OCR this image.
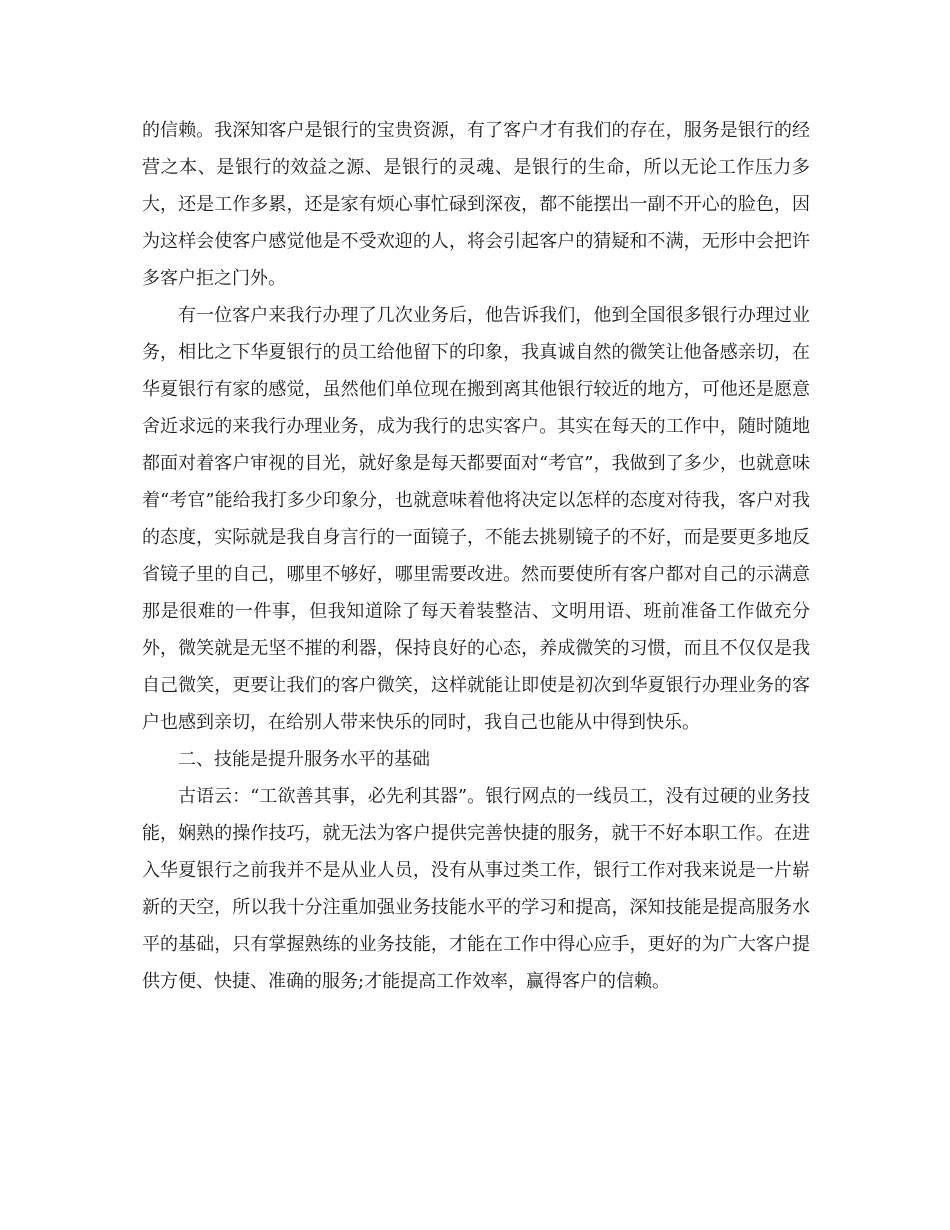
的信赖。我深知客户是银行的宝贵资源，有了客户才有我们的存在，服务是银行的经营之本、是银行的效益之源、是银行的灵魂、是银行的生命，所以无论工作压力多大，还是工作多累，还是家有烦心事忙碌到深夜，都不能摆出一副不开心的脸色，因为这样会使客户感觉他是不受欢迎的人，将会引起客户的猜疑和不满，无形中会把许多客户拒之门外。

有一位客户来我行办理了几次业务后，他告诉我们，他到全国很多银行办理过业务，相比之下华夏银行的员工给他留下的印象，我真诚自然的微笑让他备感亲切，在华夏银行有家的感觉，虽然他们单位现在搬到离其他银行较近的地方，可他还是愿意舍近求远的来我行办理业务，成为我行的忠实客户。其实在每天的工作中，随时随地都面对着客户审视的目光，就好象是每天都要面对“考官”，我做到了多少，也就意味着“考官”能给我打多少印象分，也就意味着他将决定以怎样的态度对待我，客户对我的态度，实际就是我自身言行的一面镜子，不能去挑剔镜子的不好，而是要更多地反省镜子里的自己，哪里不够好，哪里需要改进。然而要使所有客户都对自己的示满意那是很难的一件事，但我知道除了每天着装整洁、文明用语、班前准备工作做充分外，微笑就是无坚不摧的利器，保持良好的心态，养成微笑的习惯，而且不仅仅是我自己微笑，更要让我们的客户微笑，这样就能让即使是初次到华夏银行办理业务的客户也感到亲切，在给别人带来快乐的同时，我自己也能从中得到快乐。

二、技能是提升服务水平的基础

古语云：“工欲善其事，必先利其器”。银行网点的一线员工，没有过硬的业务技能，娴熟的操作技巧，就无法为客户提供完善快捷的服务，就干不好本职工作。在进入华夏银行之前我并不是从业人员，没有从事过类工作，银行工作对我来说是一片崭新的天空，所以我十分注重加强业务技能水平的学习和提高，深知技能是提高服务水平的基础，只有掌握熟练的业务技能，才能在工作中得心应手，更好的为广大客户提供方便、快捷、准确的服务;才能提高工作效率，赢得客户的信赖。
